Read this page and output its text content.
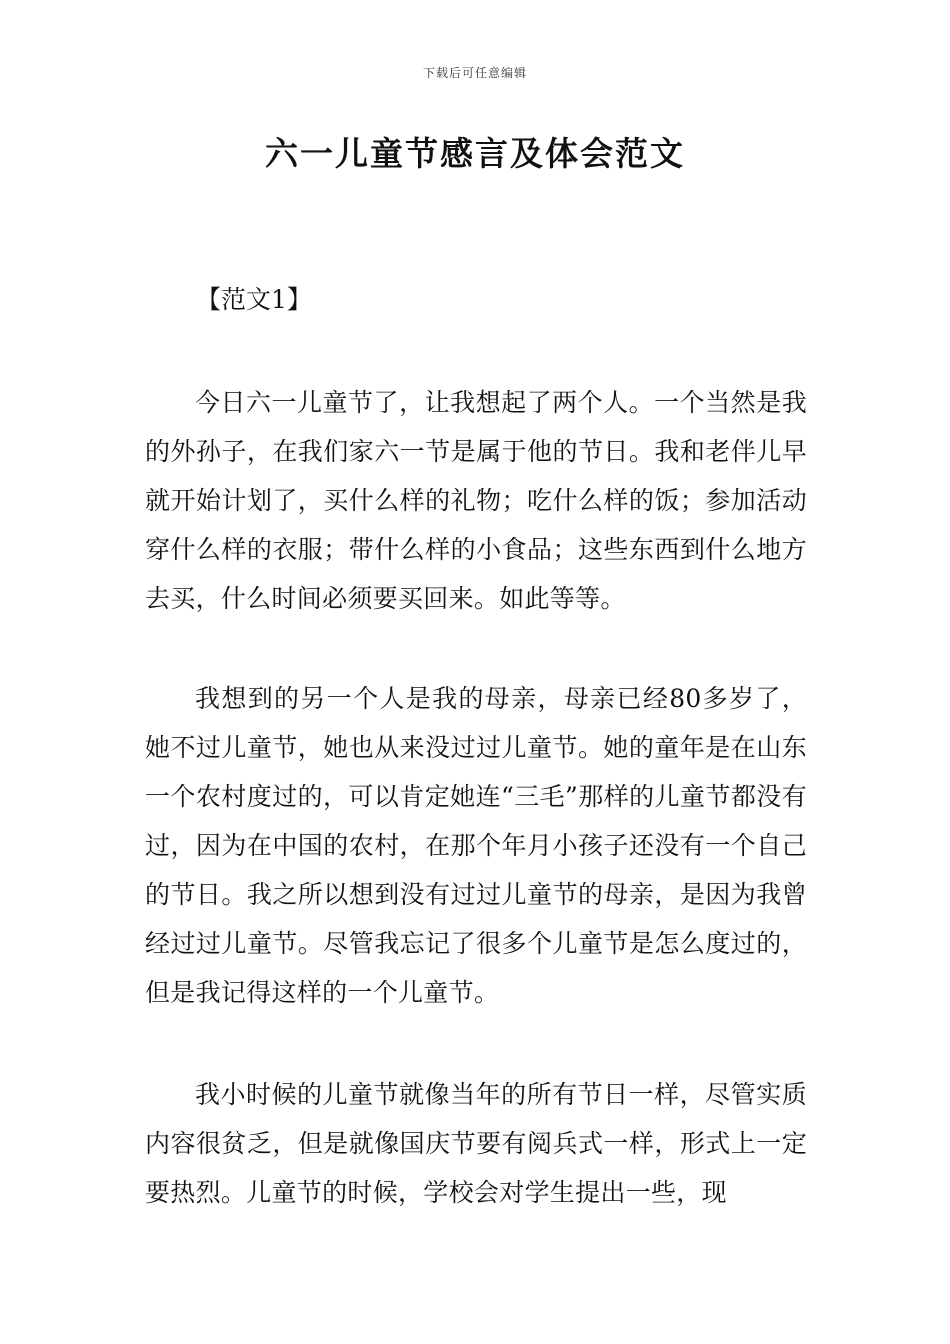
下载后可任意编辑
六一儿童节感言及体会范文

【范文1】

今日六一儿童节了，让我想起了两个人。一个当然是我的外孙子，在我们家六一节是属于他的节日。我和老伴儿早就开始计划了，买什么样的礼物；吃什么样的饭；参加活动穿什么样的衣服；带什么样的小食品；这些东西到什么地方去买，什么时间必须要买回来。如此等等。

我想到的另一个人是我的母亲，母亲已经80多岁了，她不过儿童节，她也从来没过过儿童节。她的童年是在山东一个农村度过的，可以肯定她连“三毛”那样的儿童节都没有过，因为在中国的农村，在那个年月小孩子还没有一个自己的节日。我之所以想到没有过过儿童节的母亲，是因为我曾经过过儿童节。尽管我忘记了很多个儿童节是怎么度过的，但是我记得这样的一个儿童节。

我小时候的儿童节就像当年的所有节日一样，尽管实质内容很贫乏，但是就像国庆节要有阅兵式一样，形式上一定要热烈。儿童节的时候，学校会对学生提出一些，现
